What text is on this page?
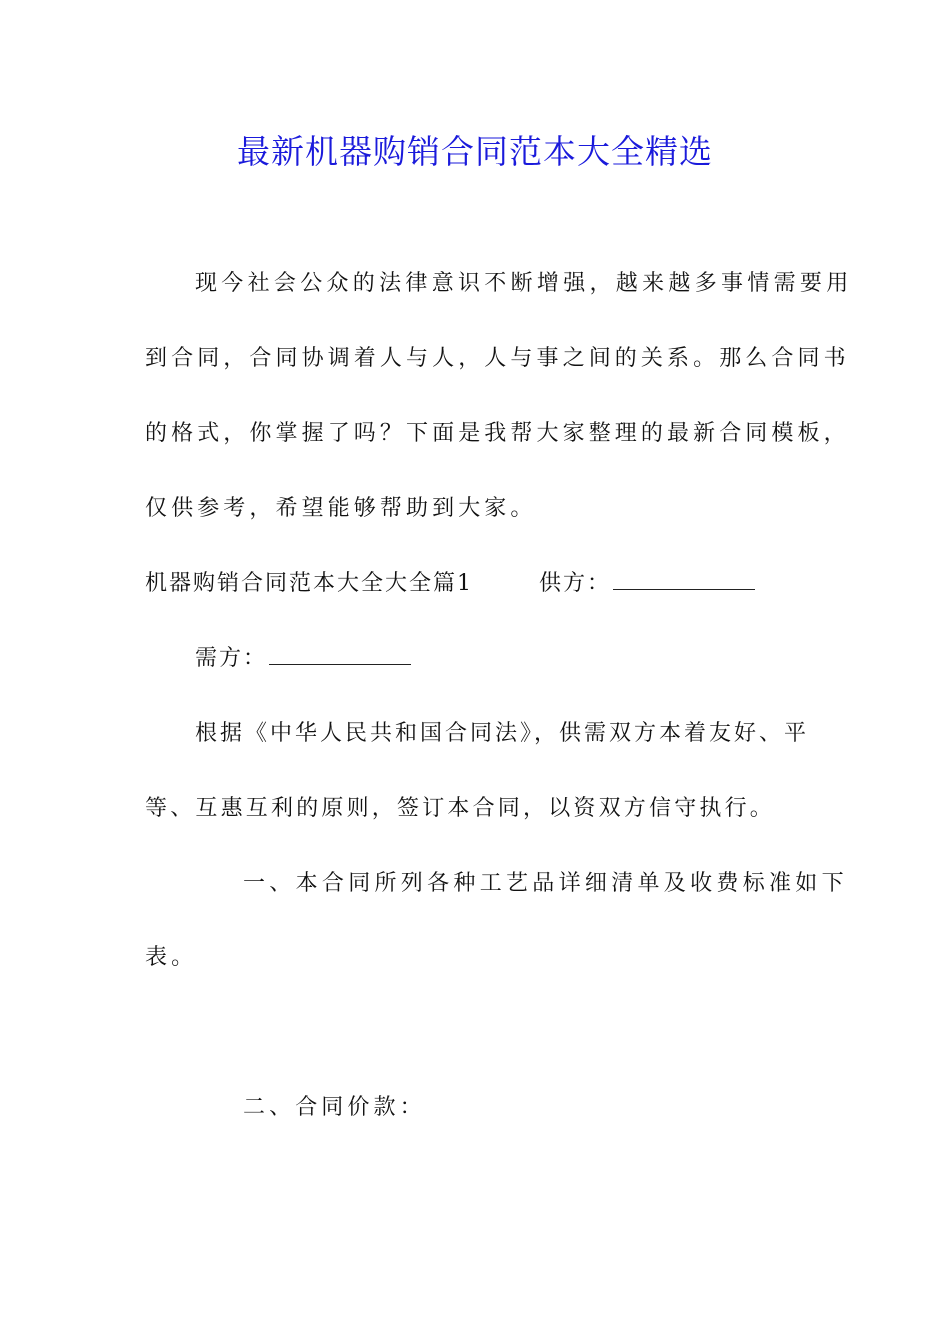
最新机器购销合同范本大全精选
现今社会公众的法律意识不断增强，越来越多事情需要用
到合同，合同协调着人与人，人与事之间的关系。那么合同书
的格式，你掌握了吗？下面是我帮大家整理的最新合同模板，
仅供参考，希望能够帮助到大家。
机器购销合同范本大全大全篇1	供方：
需方：
根据《中华人民共和国合同法》，供需双方本着友好、平
等、互惠互利的原则，签订本合同，以资双方信守执行。
一、本合同所列各种工艺品详细清单及收费标准如下
表。
二、合同价款：
